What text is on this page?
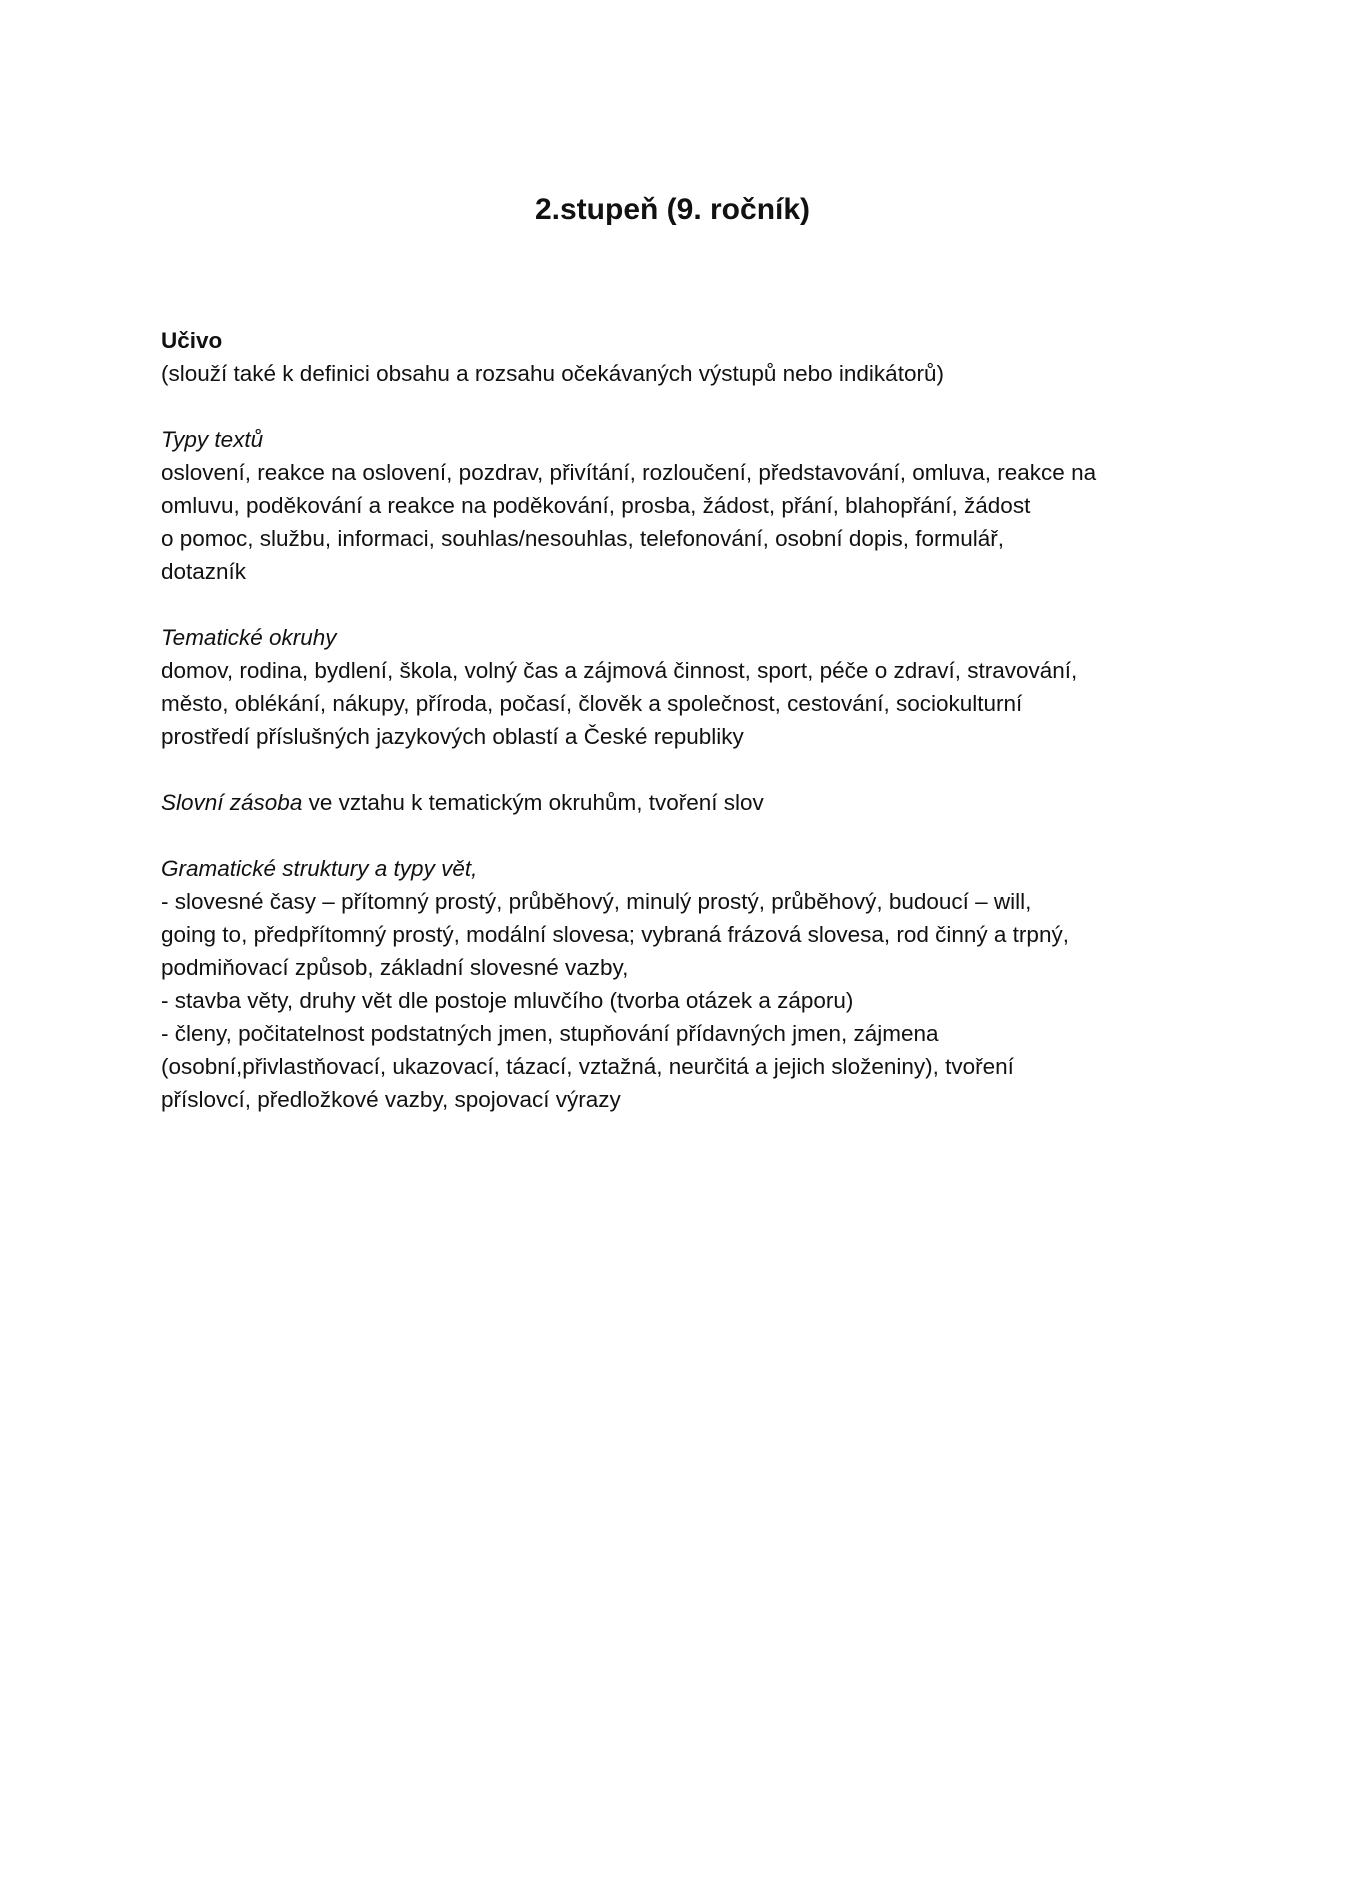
2.stupeň (9. ročník)

Učivo

(slouží také k definici obsahu a rozsahu očekávaných výstupů nebo indikátorů)

Typy textů

oslovení, reakce na oslovení, pozdrav, přivítání, rozloučení, představování, omluva, reakce na

omluvu, poděkování a reakce na poděkování, prosba, žádost, přání, blahopřání, žádost

o pomoc, službu, informaci, souhlas/nesouhlas, telefonování, osobní dopis, formulář,

dotazník

Tematické okruhy

domov, rodina, bydlení, škola, volný čas a zájmová činnost, sport, péče o zdraví, stravování,

město, oblékání, nákupy, příroda, počasí, člověk a společnost, cestování, sociokulturní

prostředí příslušných jazykových oblastí a České republiky

Slovní zásoba ve vztahu k tematickým okruhům, tvoření slov

Gramatické struktury a typy vět,

- slovesné časy – přítomný prostý, průběhový, minulý prostý, průběhový, budoucí – will,

going to, předpřítomný prostý, modální slovesa; vybraná frázová slovesa, rod činný a trpný,

podmiňovací způsob, základní slovesné vazby,

- stavba věty, druhy vět dle postoje mluvčího (tvorba otázek a záporu)

- členy, počitatelnost podstatných jmen, stupňování přídavných jmen, zájmena

(osobní,přivlastňovací, ukazovací, tázací, vztažná, neurčitá a jejich složeniny), tvoření

příslovcí, předložkové vazby, spojovací výrazy
